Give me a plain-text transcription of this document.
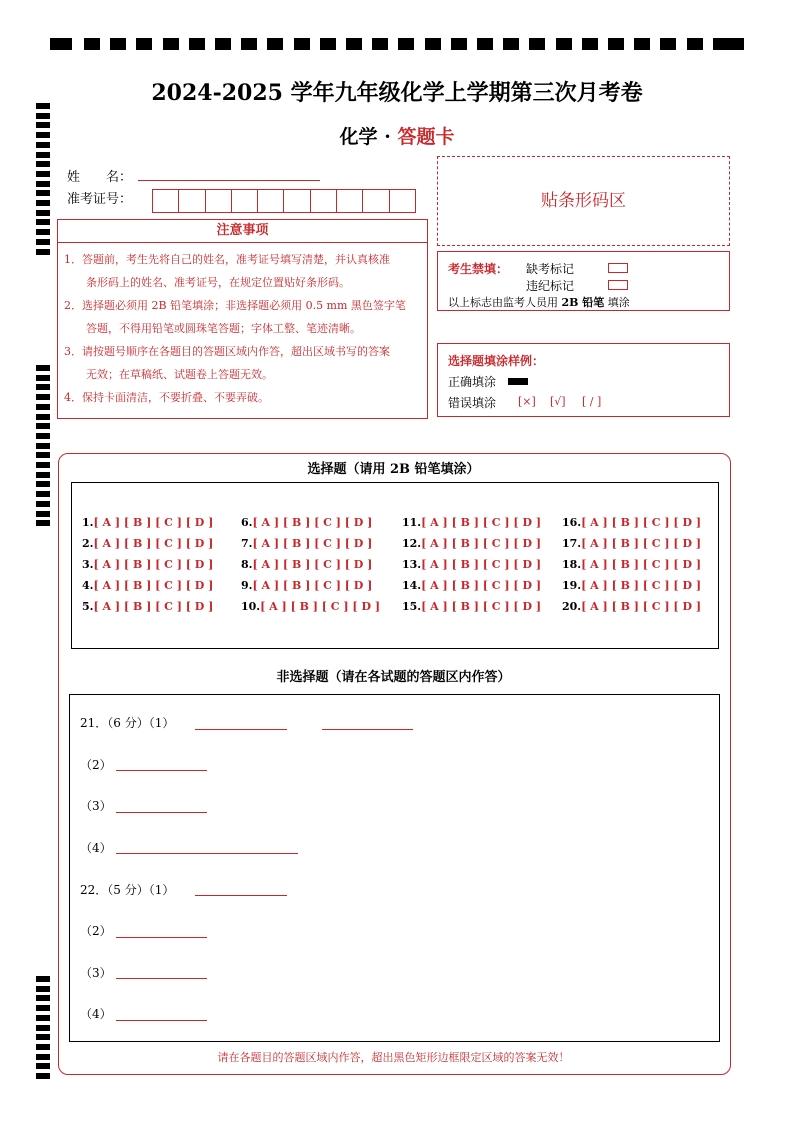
2024-2025 学年九年级化学上学期第三次月考卷
化学 · 答题卡
姓　　名：
准考证号：
注意事项
1．答题前，考生先将自己的姓名，准考证号填写清楚，并认真核准
　　条形码上的姓名、准考证号，在规定位置贴好条形码。
2．选择题必须用 2B 铅笔填涂；非选择题必须用 0.5 mm 黑色签字笔
　　答题，不得用铅笔或圆珠笔答题；字体工整、笔迹清晰。
3．请按题号顺序在各题目的答题区域内作答，超出区域书写的答案
　　无效；在草稿纸、试题卷上答题无效。
4．保持卡面清洁，不要折叠、不要弄破。
贴条形码区
考生禁填： 缺考标记
违纪标记
以上标志由监考人员用 2B 铅笔 填涂
选择题填涂样例：
正确填涂
错误填涂 [×] [√] [ / ]
选择题（请用 2B 铅笔填涂）
1.[ A ] [ B ] [ C ] [ D ]
2.[ A ] [ B ] [ C ] [ D ]
3.[ A ] [ B ] [ C ] [ D ]
4.[ A ] [ B ] [ C ] [ D ]
5.[ A ] [ B ] [ C ] [ D ]
6.[ A ] [ B ] [ C ] [ D ]
7.[ A ] [ B ] [ C ] [ D ]
8.[ A ] [ B ] [ C ] [ D ]
9.[ A ] [ B ] [ C ] [ D ]
10.[ A ] [ B ] [ C ] [ D ]
11.[ A ] [ B ] [ C ] [ D ]
12.[ A ] [ B ] [ C ] [ D ]
13.[ A ] [ B ] [ C ] [ D ]
14.[ A ] [ B ] [ C ] [ D ]
15.[ A ] [ B ] [ C ] [ D ]
16.[ A ] [ B ] [ C ] [ D ]
17.[ A ] [ B ] [ C ] [ D ]
18.[ A ] [ B ] [ C ] [ D ]
19.[ A ] [ B ] [ C ] [ D ]
20.[ A ] [ B ] [ C ] [ D ]
非选择题（请在各试题的答题区内作答）
21．（6 分）（1）
（2）
（3）
（4）
22．（5 分）（1）
（2）
（3）
（4）
请在各题目的答题区域内作答，超出黑色矩形边框限定区域的答案无效！
